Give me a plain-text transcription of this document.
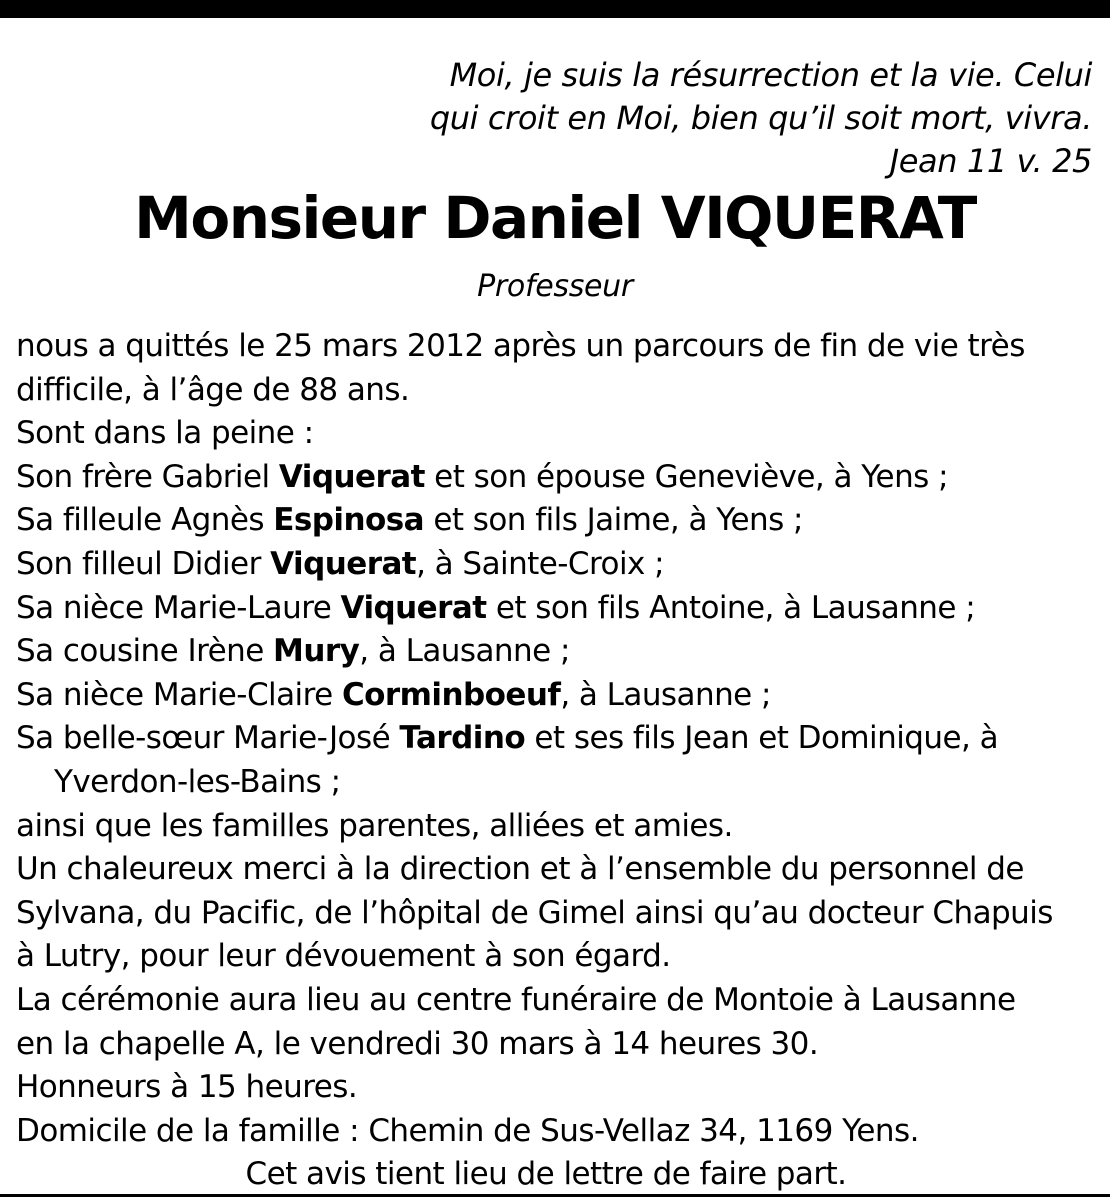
Moi, je suis la résurrection et la vie. Celui
qui croit en Moi, bien qu’il soit mort, vivra.
Jean 11 v. 25
Monsieur Daniel VIQUERAT
Professeur
nous a quittés le 25 mars 2012 après un parcours de fin de vie très
difficile, à l’âge de 88 ans.
Sont dans la peine :
Son frère Gabriel Viquerat et son épouse Geneviève, à Yens ;
Sa filleule Agnès Espinosa et son fils Jaime, à Yens ;
Son filleul Didier Viquerat, à Sainte-Croix ;
Sa nièce Marie-Laure Viquerat et son fils Antoine, à Lausanne ;
Sa cousine Irène Mury, à Lausanne ;
Sa nièce Marie-Claire Corminboeuf, à Lausanne ;
Sa belle-sœur Marie-José Tardino et ses fils Jean et Dominique, à
Yverdon-les-Bains ;
ainsi que les familles parentes, alliées et amies.
Un chaleureux merci à la direction et à l’ensemble du personnel de
Sylvana, du Pacific, de l’hôpital de Gimel ainsi qu’au docteur Chapuis
à Lutry, pour leur dévouement à son égard.
La cérémonie aura lieu au centre funéraire de Montoie à Lausanne
en la chapelle A, le vendredi 30 mars à 14 heures 30.
Honneurs à 15 heures.
Domicile de la famille : Chemin de Sus-Vellaz 34, 1169 Yens.
Cet avis tient lieu de lettre de faire part.
